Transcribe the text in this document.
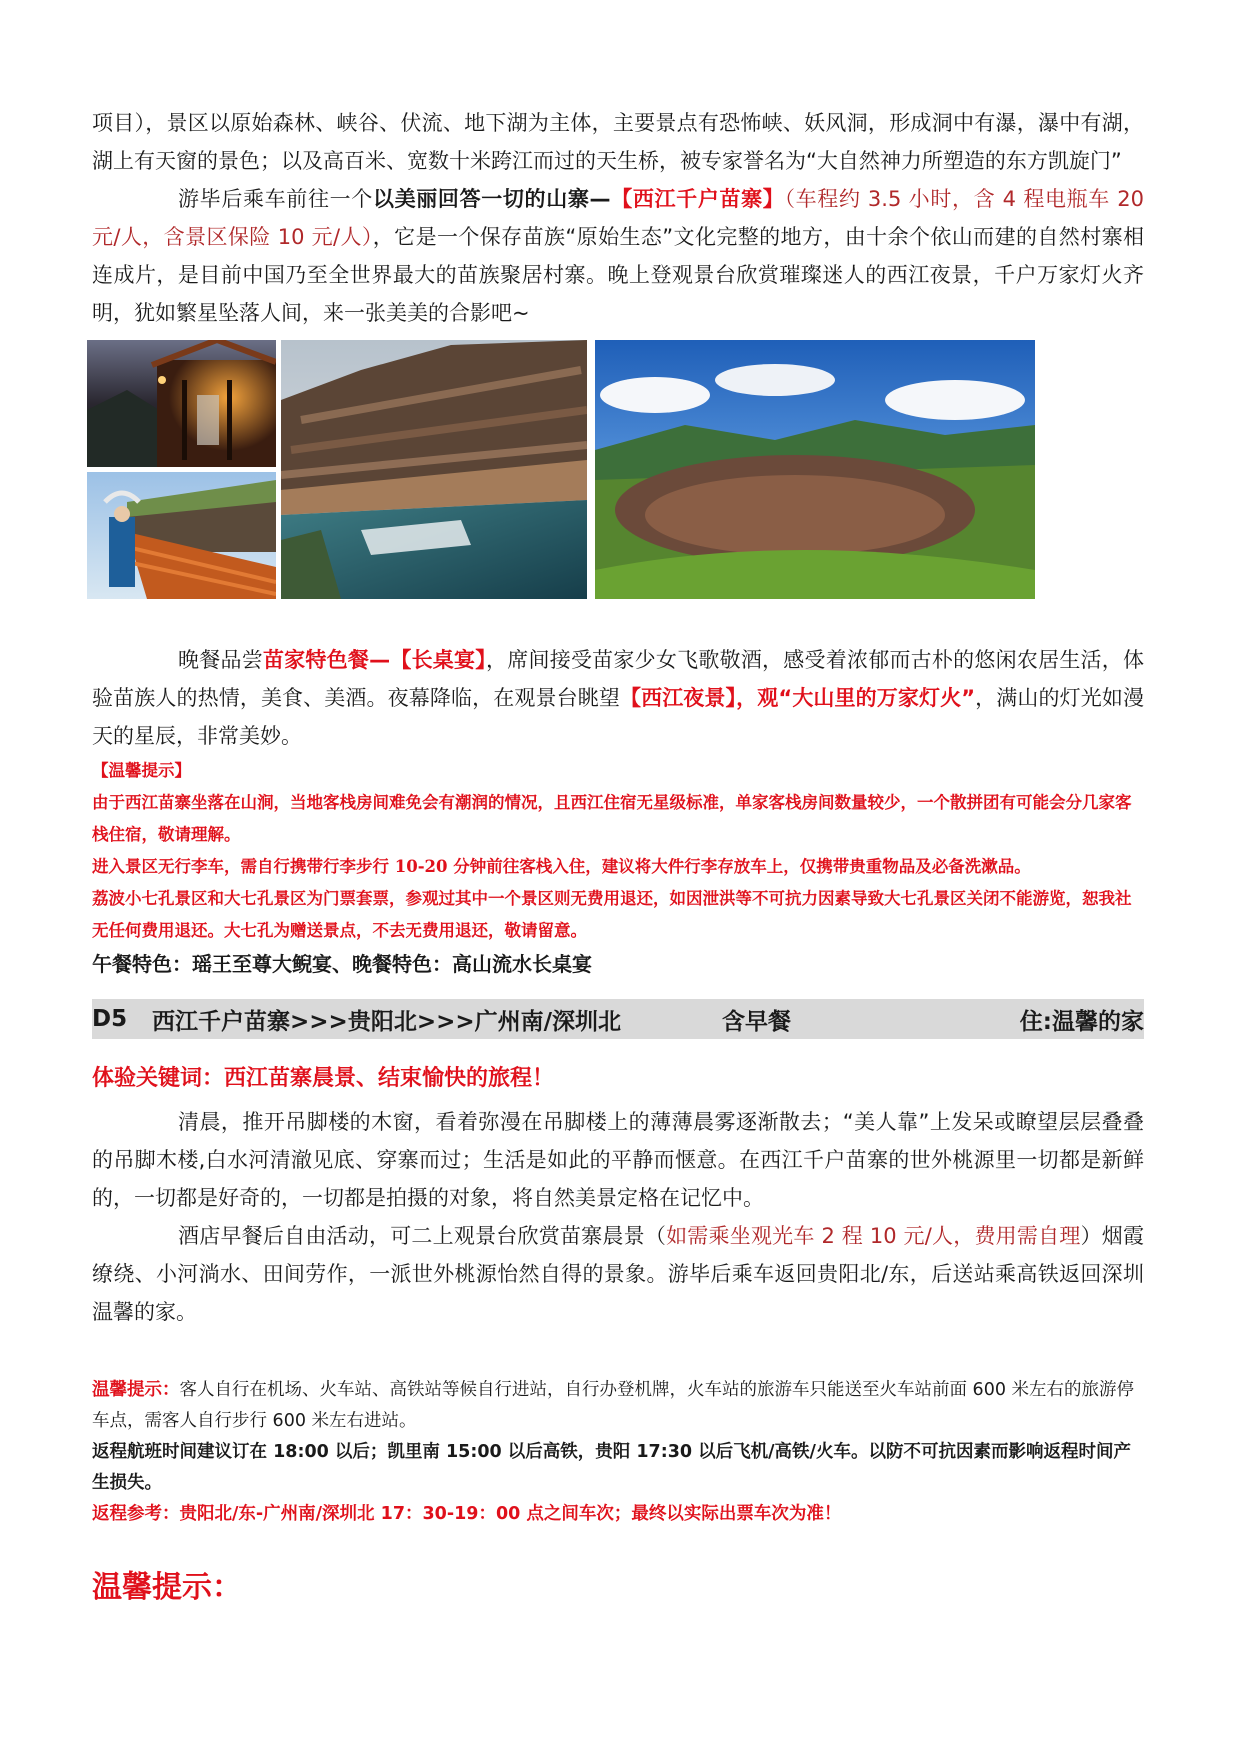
项目），景区以原始森林、峡谷、伏流、地下湖为主体，主要景点有恐怖峡、妖风洞，形成洞中有瀑，瀑中有湖，湖上有天窗的景色；以及高百米、宽数十米跨江而过的天生桥，被专家誉名为“大自然神力所塑造的东方凯旋门”

游毕后乘车前往一个以美丽回答一切的山寨—【西江千户苗寨】（车程约 3.5 小时，含 4 程电瓶车 20 元/人，含景区保险 10 元/人），它是一个保存苗族“原始生态”文化完整的地方，由十余个依山而建的自然村寨相连成片，是目前中国乃至全世界最大的苗族聚居村寨。晚上登观景台欣赏璀璨迷人的西江夜景，千户万家灯火齐明，犹如繁星坠落人间，来一张美美的合影吧~

晚餐品尝苗家特色餐—【长桌宴】，席间接受苗家少女飞歌敬酒，感受着浓郁而古朴的悠闲农居生活，体验苗族人的热情，美食、美酒。夜幕降临，在观景台眺望【西江夜景】，观“大山里的万家灯火”，满山的灯光如漫天的星辰，非常美妙。

【温馨提示】

由于西江苗寨坐落在山涧，当地客栈房间难免会有潮润的情况，且西江住宿无星级标准，单家客栈房间数量较少，一个散拼团有可能会分几家客栈住宿，敬请理解。

进入景区无行李车，需自行携带行李步行 10-20 分钟前往客栈入住，建议将大件行李存放车上，仅携带贵重物品及必备洗漱品。

荔波小七孔景区和大七孔景区为门票套票，参观过其中一个景区则无费用退还，如因泄洪等不可抗力因素导致大七孔景区关闭不能游览，恕我社无任何费用退还。大七孔为赠送景点，不去无费用退还，敬请留意。

午餐特色：瑶王至尊大鲵宴、晚餐特色：高山流水长桌宴

D5	西江千户苗寨>>>贵阳北>>>广州南/深圳北	含早餐	住:温馨的家

体验关键词：西江苗寨晨景、结束愉快的旅程！

清晨，推开吊脚楼的木窗，看着弥漫在吊脚楼上的薄薄晨雾逐渐散去；“美人靠”上发呆或瞭望层层叠叠的吊脚木楼,白水河清澈见底、穿寨而过；生活是如此的平静而惬意。在西江千户苗寨的世外桃源里一切都是新鲜的，一切都是好奇的，一切都是拍摄的对象，将自然美景定格在记忆中。

酒店早餐后自由活动，可二上观景台欣赏苗寨晨景（如需乘坐观光车 2 程 10 元/人，费用需自理）烟霞缭绕、小河淌水、田间劳作，一派世外桃源怡然自得的景象。游毕后乘车返回贵阳北/东，后送站乘高铁返回深圳温馨的家。

温馨提示：客人自行在机场、火车站、高铁站等候自行进站，自行办登机牌，火车站的旅游车只能送至火车站前面 600 米左右的旅游停车点，需客人自行步行 600 米左右进站。

返程航班时间建议订在 18:00 以后；凯里南 15:00 以后高铁，贵阳 17:30 以后飞机/高铁/火车。以防不可抗因素而影响返程时间产生损失。

返程参考：贵阳北/东-广州南/深圳北 17：30-19：00 点之间车次；最终以实际出票车次为准！

温馨提示：
